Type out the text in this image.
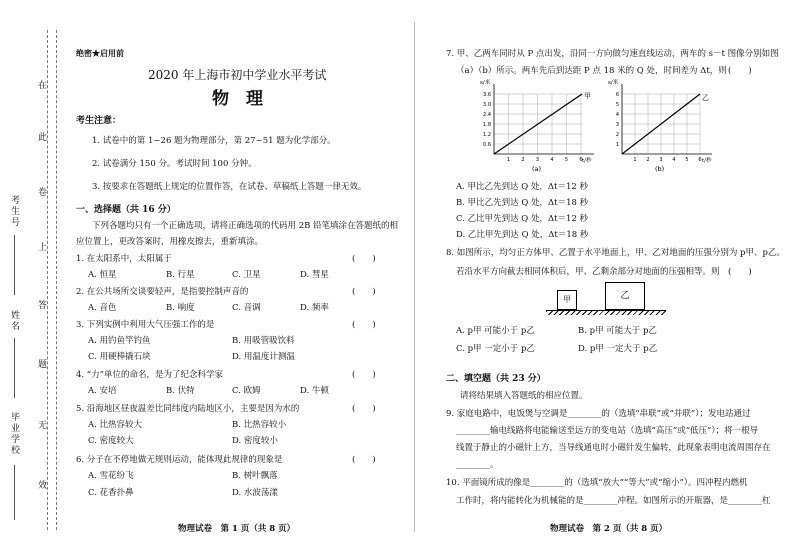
在
此
卷
上
答
题
无
效
考生号
姓名
毕业学校
绝密★启用前
2020 年上海市初中学业水平考试
物　理
考生注意：
1. 试卷中的第 1~26 题为物理部分，第 27~51 题为化学部分。
2. 试卷满分 150 分。考试时间 100 分钟。
3. 按要求在答题纸上规定的位置作答，在试卷、草稿纸上答题一律无效。
一、选择题（共 16 分）
下列各题均只有一个正确选项，请将正确选项的代码用 2B 铅笔填涂在答题纸的相
应位置上，更改答案时，用橡皮擦去，重新填涂。
1. 在太阳系中，太阳属于	(　　)
A. 恒星	B. 行星	C. 卫星	D. 彗星
2. 在公共场所交谈要轻声，是指要控制声音的	(　　)
A. 音色	B. 响度	C. 音调	D. 频率
3. 下列实例中利用大气压强工作的是	(　　)
A. 用钓鱼竿钓鱼	B. 用吸管吸饮料
C. 用硬棒撬石块	D. 用温度计测温
4. “力”单位的命名，是为了纪念科学家	(　　)
A. 安培	B. 伏特	C. 欧姆	D. 牛顿
5. 沿海地区昼夜温差比同纬度内陆地区小，主要是因为水的	(　　)
A. 比热容较大	B. 比热容较小
C. 密度较大	D. 密度较小
6. 分子在不停地做无规则运动，能体现此规律的现象是	(　　)
A. 雪花纷飞	B. 树叶飘落
C. 花香扑鼻	D. 水波荡漾
物理试卷　第 1 页（共 8 页）
7. 甲、乙两车同时从 P 点出发，沿同一方向做匀速直线运动，两车的 s－t 图像分别如图
（a）（b）所示。两车先后到达距 P 点 18 米的 Q 处，时间差为 Δt，则 (　　)
s/米
t/秒
0.6
1.2
1.8
2.4
3.0
3.6
1 2 3 4 5 6
甲
(a)
s/米
t/秒
1
2
3
4
5
6
1 2 3 4 5 6
乙
(b)
A. 甲比乙先到达 Q 处，Δt＝12 秒
B. 甲比乙先到达 Q 处，Δt＝18 秒
C. 乙比甲先到达 Q 处，Δt＝12 秒
D. 乙比甲先到达 Q 处，Δt＝18 秒
8. 如图所示，均匀正方体甲、乙置于水平地面上，甲、乙对地面的压强分别为 p甲、p乙。
若沿水平方向截去相同体积后，甲、乙剩余部分对地面的压强相等。则 (　　)
甲	乙
A. p甲 可能小于 p乙	B. p甲 可能大于 p乙
C. p甲 一定小于 p乙	D. p甲 一定大于 p乙
二、填空题（共 23 分）
请将结果填入答题纸的相应位置。
9. 家庭电路中，电饭煲与空调是________的（选填“串联”或“并联”）；发电站通过
________输电线路将电能输送至远方的变电站（选填“高压”或“低压”）；将一根导
线置于静止的小磁针上方，当导线通电时小磁针发生偏转，此现象表明电流周围存在
________。
10. 平面镜所成的像是________的（选填“放大”“等大”或“缩小”）。四冲程内燃机
工作时，将内能转化为机械能的是________冲程。如图所示的开瓶器，是________杠
物理试卷　第 2 页（共 8 页）
